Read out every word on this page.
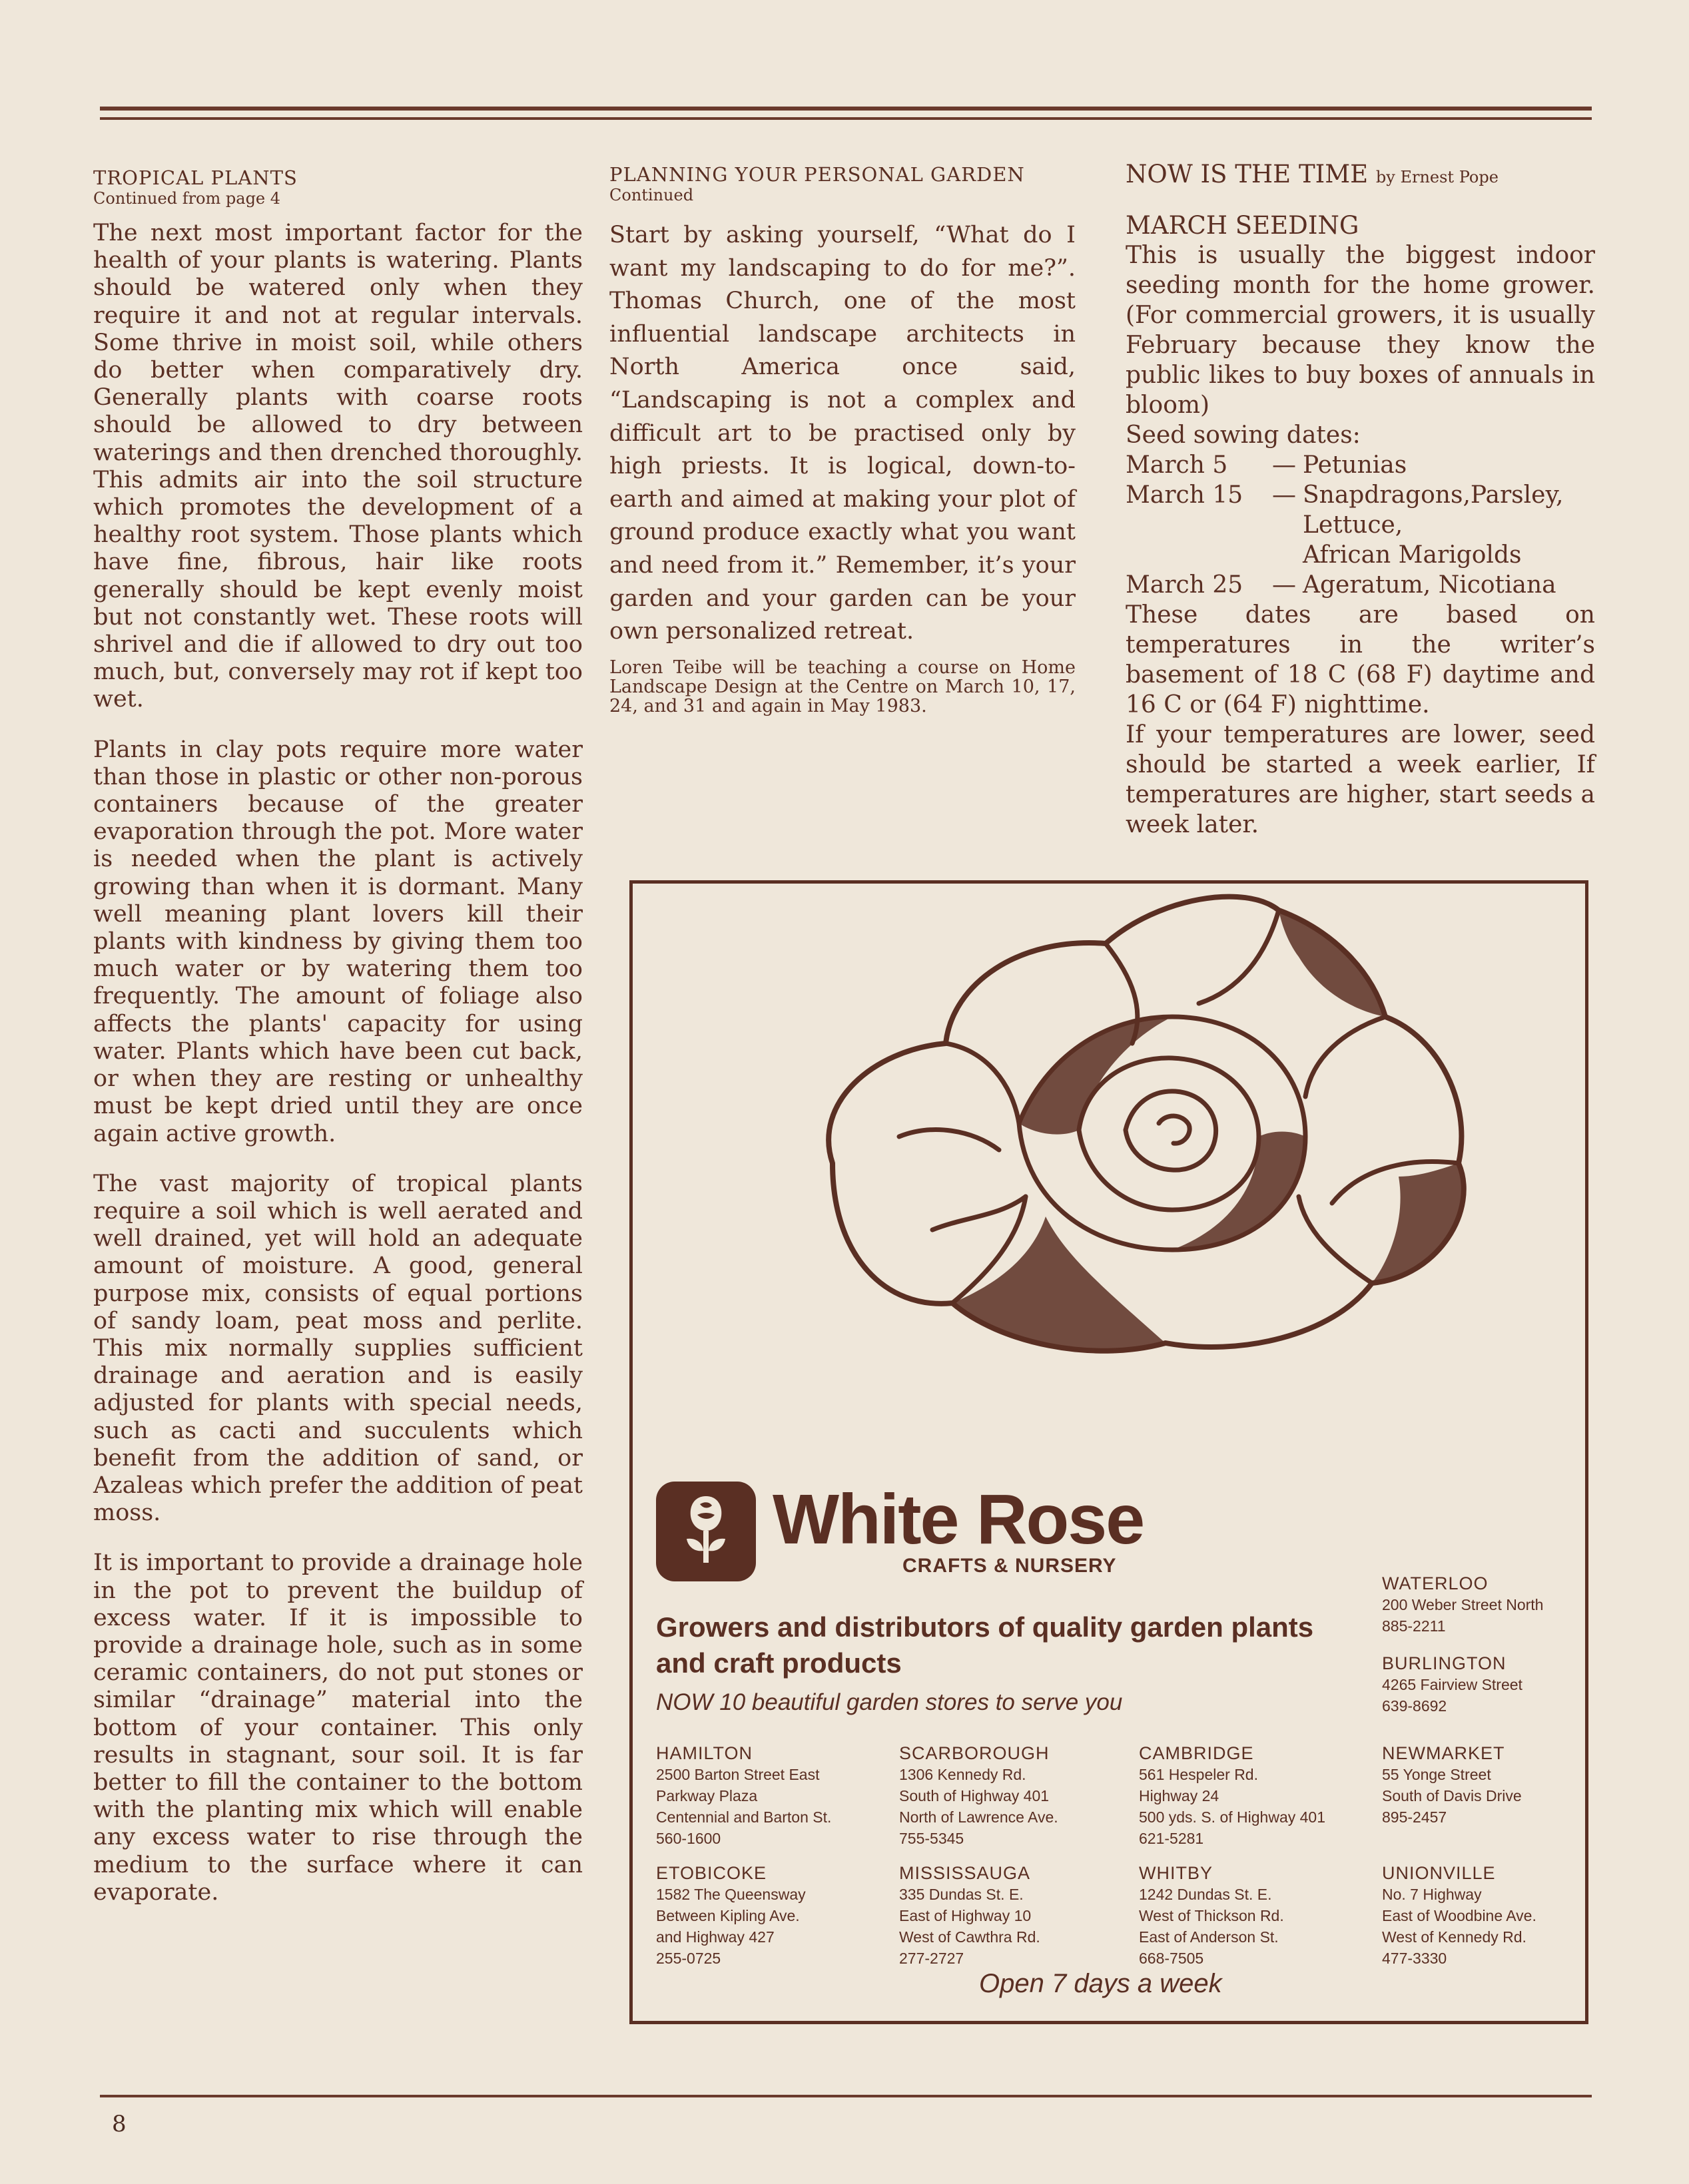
TROPICAL PLANTS

Continued from page 4

The next most important factor for the health of your plants is watering. Plants should be watered only when they require it and not at regular intervals. Some thrive in moist soil, while others do better when comparatively dry. Generally plants with coarse roots should be allowed to dry between waterings and then drenched thoroughly. This admits air into the soil structure which promotes the development of a healthy root system. Those plants which have fine, fibrous, hair like roots generally should be kept evenly moist but not constantly wet. These roots will shrivel and die if allowed to dry out too much, but, conversely may rot if kept too wet.

Plants in clay pots require more water than those in plastic or other non-porous containers because of the greater evaporation through the pot. More water is needed when the plant is actively growing than when it is dormant. Many well meaning plant lovers kill their plants with kindness by giving them too much water or by watering them too frequently. The amount of foliage also affects the plants' capacity for using water. Plants which have been cut back, or when they are resting or unhealthy must be kept dried until they are once again active growth.

The vast majority of tropical plants require a soil which is well aerated and well drained, yet will hold an adequate amount of moisture. A good, general purpose mix, consists of equal portions of sandy loam, peat moss and perlite. This mix normally supplies sufficient drainage and aeration and is easily adjusted for plants with special needs, such as cacti and succulents which benefit from the addition of sand, or Azaleas which prefer the addition of peat moss.

It is important to provide a drainage hole in the pot to prevent the buildup of excess water. If it is impossible to provide a drainage hole, such as in some ceramic containers, do not put stones or similar “drainage” material into the bottom of your container. This only results in stagnant, sour soil. It is far better to fill the container to the bottom with the planting mix which will enable any excess water to rise through the medium to the surface where it can evaporate.

PLANNING YOUR PERSONAL GARDEN

Continued

Start by asking yourself, “What do I want my landscaping to do for me?”. Thomas Church, one of the most influential landscape architects in North America once said, “Landscaping is not a complex and difficult art to be practised only by high priests. It is logical, down-to-earth and aimed at making your plot of ground produce exactly what you want and need from it.” Remember, it’s your garden and your garden can be your own personalized retreat.

Loren Teibe will be teaching a course on Home Landscape Design at the Centre on March 10, 17, 24, and 31 and again in May 1983.

NOW IS THE TIME by Ernest Pope

MARCH SEEDING

This is usually the biggest indoor seeding month for the home grower. (For commercial growers, it is usually February because they know the public likes to buy boxes of annuals in bloom)

Seed sowing dates:

March 5	— Petunias
March 15	— Snapdragons,Parsley,
Lettuce,
African Marigolds
March 25	— Ageratum, Nicotiana

These dates are based on temperatures in the writer’s basement of 18 C (68 F) daytime and 16 C or (64 F) nighttime.

If your temperatures are lower, seed should be started a week earlier, If temperatures are higher, start seeds a week later.

White Rose
CRAFTS & NURSERY
Growers and distributors of quality garden plants and craft products
NOW 10 beautiful garden stores to serve you
WATERLOO
200 Weber Street North
885-2211
BURLINGTON
4265 Fairview Street
639-8692
HAMILTON
2500 Barton Street East
Parkway Plaza
Centennial and Barton St.
560-1600
SCARBOROUGH
1306 Kennedy Rd.
South of Highway 401
North of Lawrence Ave.
755-5345
CAMBRIDGE
561 Hespeler Rd.
Highway 24
500 yds. S. of Highway 401
621-5281
NEWMARKET
55 Yonge Street
South of Davis Drive
895-2457
ETOBICOKE
1582 The Queensway
Between Kipling Ave.
and Highway 427
255-0725
MISSISSAUGA
335 Dundas St. E.
East of Highway 10
West of Cawthra Rd.
277-2727
WHITBY
1242 Dundas St. E.
West of Thickson Rd.
East of Anderson St.
668-7505
UNIONVILLE
No. 7 Highway
East of Woodbine Ave.
West of Kennedy Rd.
477-3330
Open 7 days a week
8
